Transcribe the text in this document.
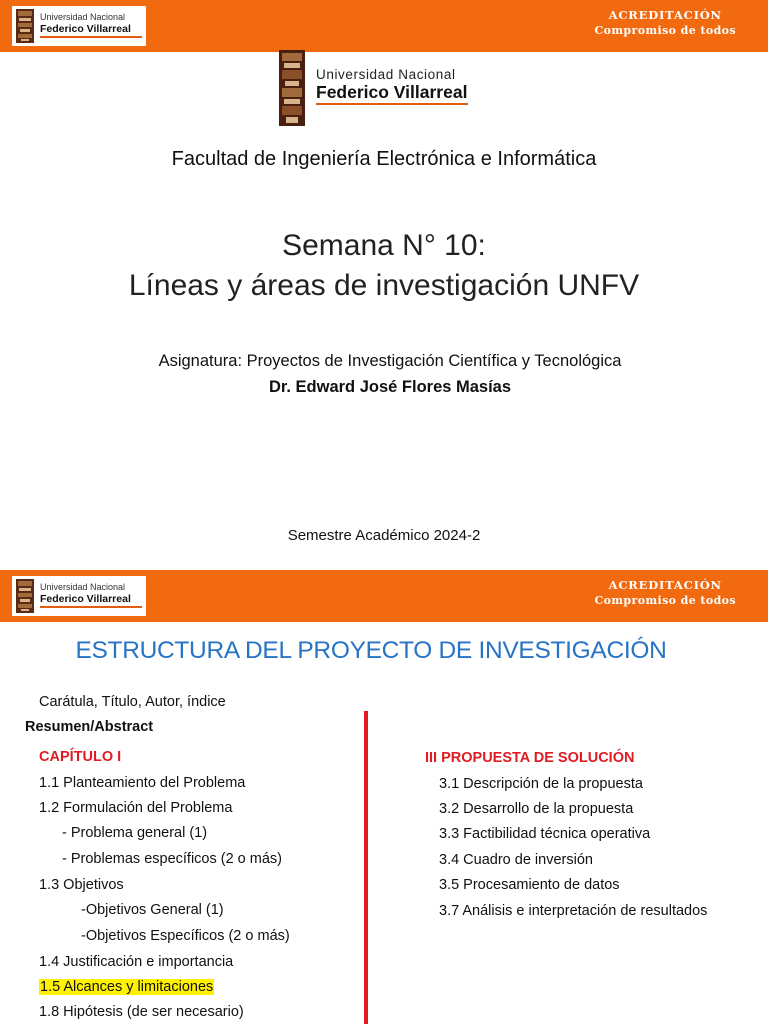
Universidad Nacional
Federico Villarreal
ACREDITACIÓN
Compromiso de todos
Universidad Nacional
Federico Villarreal
Facultad de Ingeniería Electrónica e Informática
Semana N° 10:
Líneas y áreas de investigación UNFV
Asignatura: Proyectos de Investigación Científica y Tecnológica
Dr. Edward José Flores Masías
Semestre Académico 2024-2
Universidad Nacional
Federico Villarreal
ACREDITACIÓN
Compromiso de todos
ESTRUCTURA DEL PROYECTO DE INVESTIGACIÓN
Carátula, Título, Autor, índice
Resumen/Abstract
CAPÍTULO I
1.1 Planteamiento del Problema
1.2 Formulación del Problema
- Problema general (1)
- Problemas específicos (2 o más)
1.3 Objetivos
-Objetivos General (1)
-Objetivos Específicos (2 o más)
1.4 Justificación e importancia
1.5 Alcances y limitaciones
1.8 Hipótesis (de ser necesario)
III PROPUESTA DE SOLUCIÓN
3.1 Descripción de la propuesta
3.2 Desarrollo de la propuesta
3.3 Factibilidad técnica operativa
3.4 Cuadro de inversión
3.5 Procesamiento de datos
3.7 Análisis e interpretación de resultados
